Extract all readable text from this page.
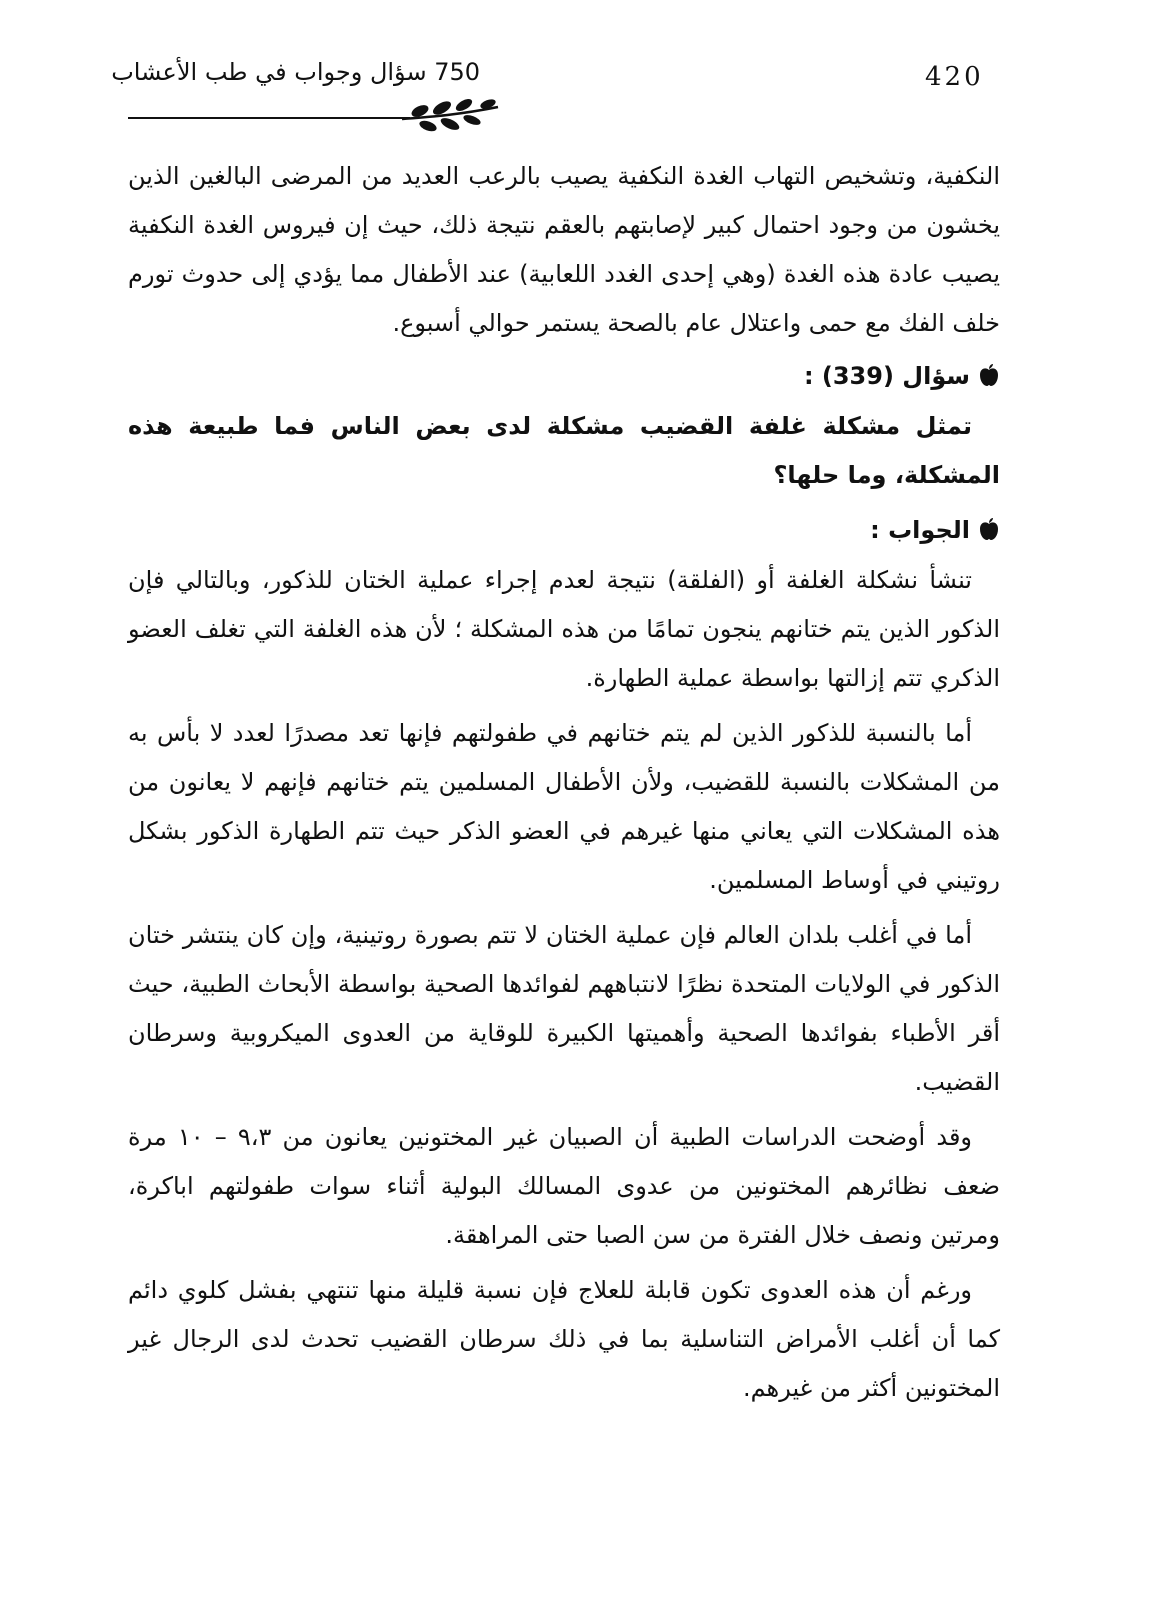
420
750 سؤال وجواب في طب الأعشاب

النكفية، وتشخيص التهاب الغدة النكفية يصيب بالرعب العديد من المرضى البالغين الذين يخشون من وجود احتمال كبير لإصابتهم بالعقم نتيجة ذلك، حيث إن فيروس الغدة النكفية يصيب عادة هذه الغدة (وهي إحدى الغدد اللعابية) عند الأطفال مما يؤدي إلى حدوث تورم خلف الفك مع حمى واعتلال عام بالصحة يستمر حوالي أسبوع.

سؤال (339) :

تمثل مشكلة غلفة القضيب مشكلة لدى بعض الناس فما طبيعة هذه المشكلة، وما حلها؟

الجواب :

تنشأ نشكلة الغلفة أو (الفلقة) نتيجة لعدم إجراء عملية الختان للذكور، وبالتالي فإن الذكور الذين يتم ختانهم ينجون تمامًا من هذه المشكلة ؛ لأن هذه الغلفة التي تغلف العضو الذكري تتم إزالتها بواسطة عملية الطهارة.

أما بالنسبة للذكور الذين لم يتم ختانهم في طفولتهم فإنها تعد مصدرًا لعدد لا بأس به من المشكلات بالنسبة للقضيب، ولأن الأطفال المسلمين يتم ختانهم فإنهم لا يعانون من هذه المشكلات التي يعاني منها غيرهم في العضو الذكر حيث تتم الطهارة الذكور بشكل روتيني في أوساط المسلمين.

أما في أغلب بلدان العالم فإن عملية الختان لا تتم بصورة روتينية، وإن كان ينتشر ختان الذكور في الولايات المتحدة نظرًا لانتباههم لفوائدها الصحية بواسطة الأبحاث الطبية، حيث أقر الأطباء بفوائدها الصحية وأهميتها الكبيرة للوقاية من العدوى الميكروبية وسرطان القضيب.

وقد أوضحت الدراسات الطبية أن الصبيان غير المختونين يعانون من ٩،٣ – ١٠ مرة ضعف نظائرهم المختونين من عدوى المسالك البولية أثناء سوات طفولتهم اباكرة، ومرتين ونصف خلال الفترة من سن الصبا حتى المراهقة.

ورغم أن هذه العدوى تكون قابلة للعلاج فإن نسبة قليلة منها تنتهي بفشل كلوي دائم كما أن أغلب الأمراض التناسلية بما في ذلك سرطان القضيب تحدث لدى الرجال غير المختونين أكثر من غيرهم.
